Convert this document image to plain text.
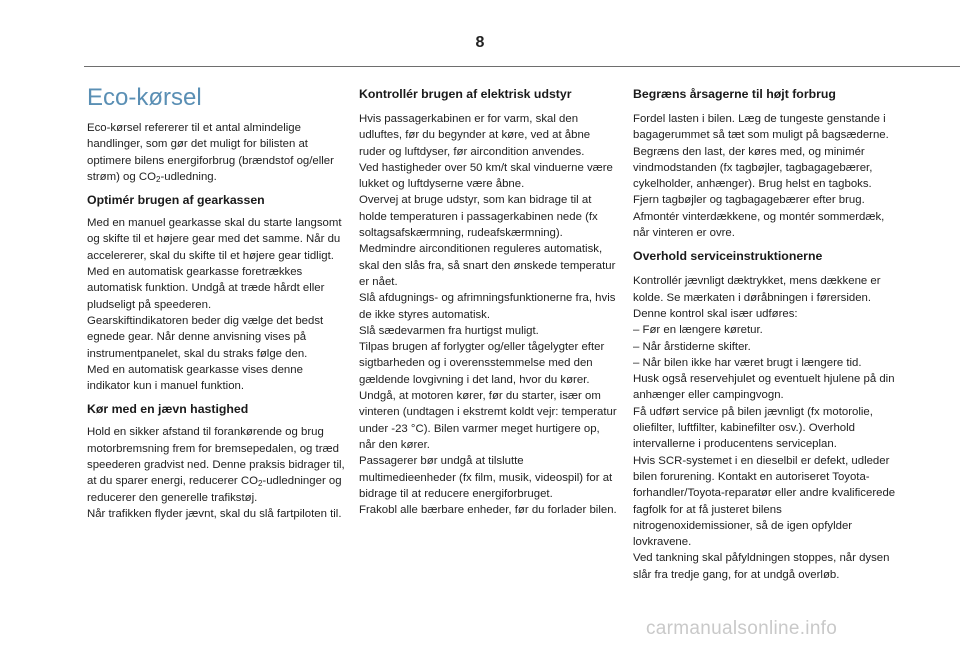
8
Eco-kørsel

Eco-kørsel refererer til et antal almindelige handlinger, som gør det muligt for bilisten at optimere bilens energiforbrug (brændstof og/eller strøm) og $CO_2$-udledning.

Optimér brugen af gearkassen

Med en manuel gearkasse skal du starte langsomt og skifte til et højere gear med det samme. Når du accelererer, skal du skifte til et højere gear tidligt.
Med en automatisk gearkasse foretrækkes automatisk funktion. Undgå at træde hårdt eller pludseligt på speederen.
Gearskiftindikatoren beder dig vælge det bedst egnede gear. Når denne anvisning vises på instrumentpanelet, skal du straks følge den.
Med en automatisk gearkasse vises denne indikator kun i manuel funktion.

Kør med en jævn hastighed

Hold en sikker afstand til forankørende og brug motorbremsning frem for bremsepedalen, og træd speederen gradvist ned. Denne praksis bidrager til, at du sparer energi, reducerer $CO_2$-udledninger og reducerer den generelle trafikstøj.
Når trafikken flyder jævnt, skal du slå fartpiloten til.

Kontrollér brugen af elektrisk udstyr

Hvis passagerkabinen er for varm, skal den udluftes, før du begynder at køre, ved at åbne ruder og luftdyser, før aircondition anvendes.
Ved hastigheder over 50 km/t skal vinduerne være lukket og luftdyserne være åbne.
Overvej at bruge udstyr, som kan bidrage til at holde temperaturen i passagerkabinen nede (fx soltagsafskærmning, rudeafskærmning).
Medmindre airconditionen reguleres automatisk, skal den slås fra, så snart den ønskede temperatur er nået.
Slå afdugnings- og afrimningsfunktionerne fra, hvis de ikke styres automatisk.
Slå sædevarmen fra hurtigst muligt.
Tilpas brugen af forlygter og/eller tågelygter efter sigtbarheden og i overensstemmelse med den gældende lovgivning i det land, hvor du kører.
Undgå, at motoren kører, før du starter, især om vinteren (undtagen i ekstremt koldt vejr: temperatur under -23 °C). Bilen varmer meget hurtigere op, når den kører.
Passagerer bør undgå at tilslutte multimedieenheder (fx film, musik, videospil) for at bidrage til at reducere energiforbruget.
Frakobl alle bærbare enheder, før du forlader bilen.

Begræns årsagerne til højt forbrug

Fordel lasten i bilen. Læg de tungeste genstande i bagagerummet så tæt som muligt på bagsæderne.
Begræns den last, der køres med, og minimér vindmodstanden (fx tagbøjler, tagbagagebærer, cykelholder, anhænger). Brug helst en tagboks.
Fjern tagbøjler og tagbagagebærer efter brug.
Afmontér vinterdækkene, og montér sommerdæk, når vinteren er ovre.

Overhold serviceinstruktionerne

Kontrollér jævnligt dæktrykket, mens dækkene er kolde. Se mærkaten i døråbningen i førersiden.
Denne kontrol skal især udføres:
– Før en længere køretur.
– Når årstiderne skifter.
– Når bilen ikke har været brugt i længere tid.
Husk også reservehjulet og eventuelt hjulene på din anhænger eller campingvogn.
Få udført service på bilen jævnligt (fx motorolie, oliefilter, luftfilter, kabinefilter osv.). Overhold intervallerne i producentens serviceplan.
Hvis SCR-systemet i en dieselbil er defekt, udleder bilen forurening. Kontakt en autoriseret Toyota-forhandler/Toyota-reparatør eller andre kvalificerede fagfolk for at få justeret bilens nitrogenoxidemissioner, så de igen opfylder lovkravene.
Ved tankning skal påfyldningen stoppes, når dysen slår fra tredje gang, for at undgå overløb.

carmanualsonline.info
